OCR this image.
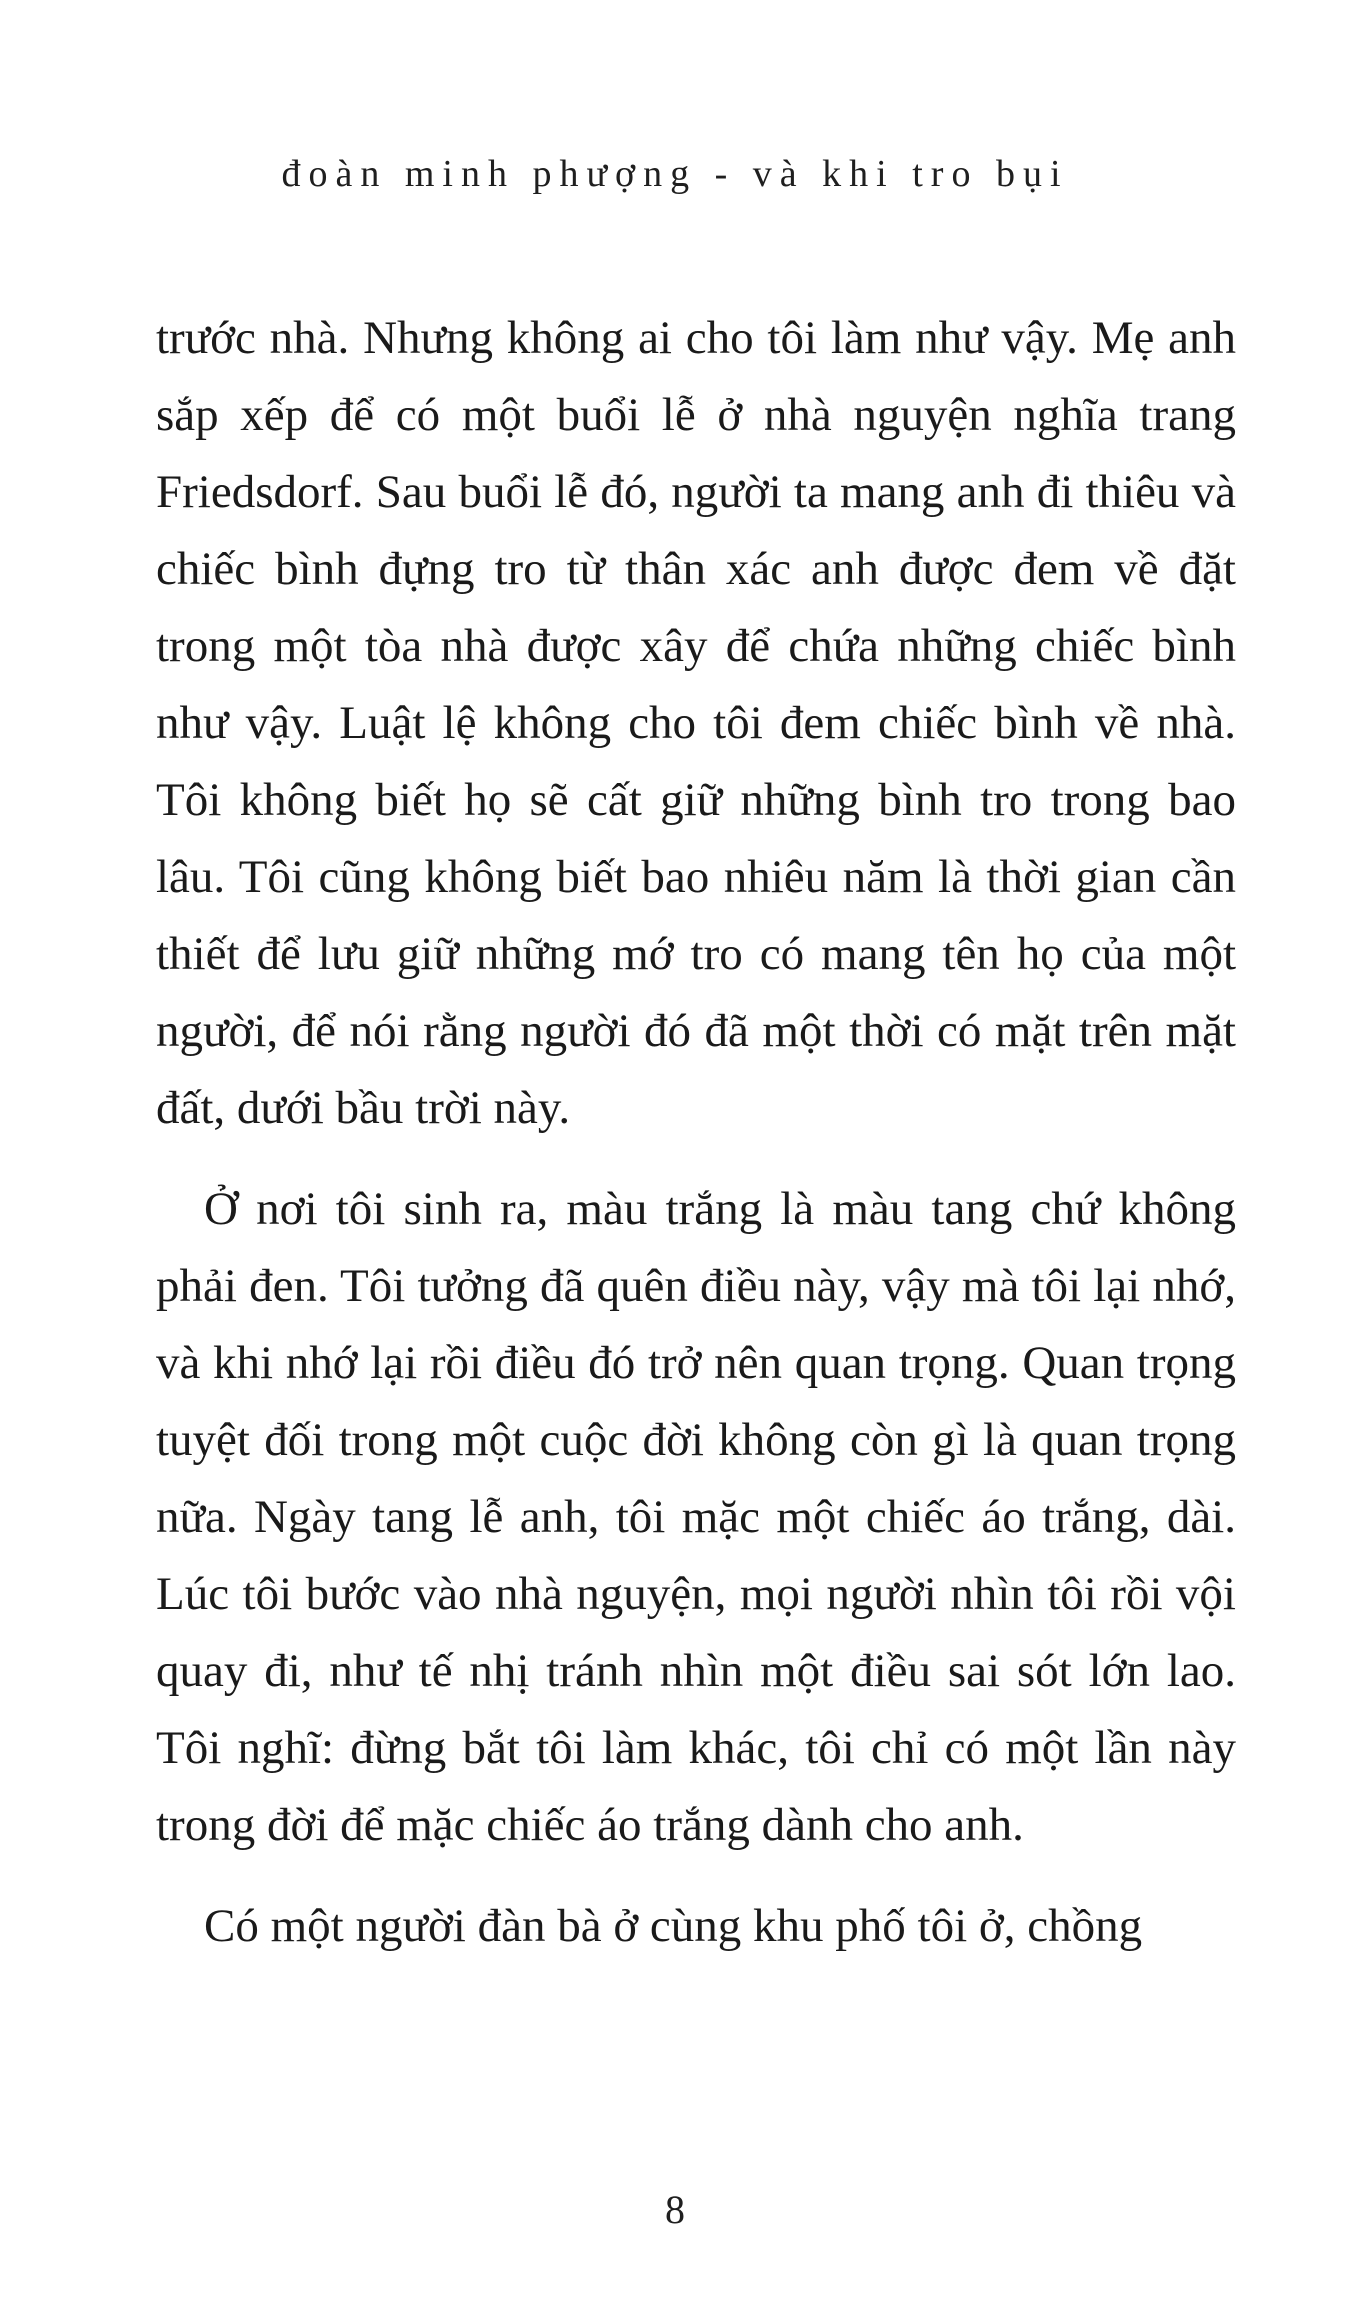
đoàn minh phượng - và khi tro bụi

trước nhà. Nhưng không ai cho tôi làm như vậy. Mẹ anh sắp xếp để có một buổi lễ ở nhà nguyện nghĩa trang Friedsdorf. Sau buổi lễ đó, người ta mang anh đi thiêu và chiếc bình đựng tro từ thân xác anh được đem về đặt trong một tòa nhà được xây để chứa những chiếc bình như vậy. Luật lệ không cho tôi đem chiếc bình về nhà. Tôi không biết họ sẽ cất giữ những bình tro trong bao lâu. Tôi cũng không biết bao nhiêu năm là thời gian cần thiết để lưu giữ những mớ tro có mang tên họ của một người, để nói rằng người đó đã một thời có mặt trên mặt đất, dưới bầu trời này.

Ở nơi tôi sinh ra, màu trắng là màu tang chứ không phải đen. Tôi tưởng đã quên điều này, vậy mà tôi lại nhớ, và khi nhớ lại rồi điều đó trở nên quan trọng. Quan trọng tuyệt đối trong một cuộc đời không còn gì là quan trọng nữa. Ngày tang lễ anh, tôi mặc một chiếc áo trắng, dài. Lúc tôi bước vào nhà nguyện, mọi người nhìn tôi rồi vội quay đi, như tế nhị tránh nhìn một điều sai sót lớn lao. Tôi nghĩ: đừng bắt tôi làm khác, tôi chỉ có một lần này trong đời để mặc chiếc áo trắng dành cho anh.

Có một người đàn bà ở cùng khu phố tôi ở, chồng

8
